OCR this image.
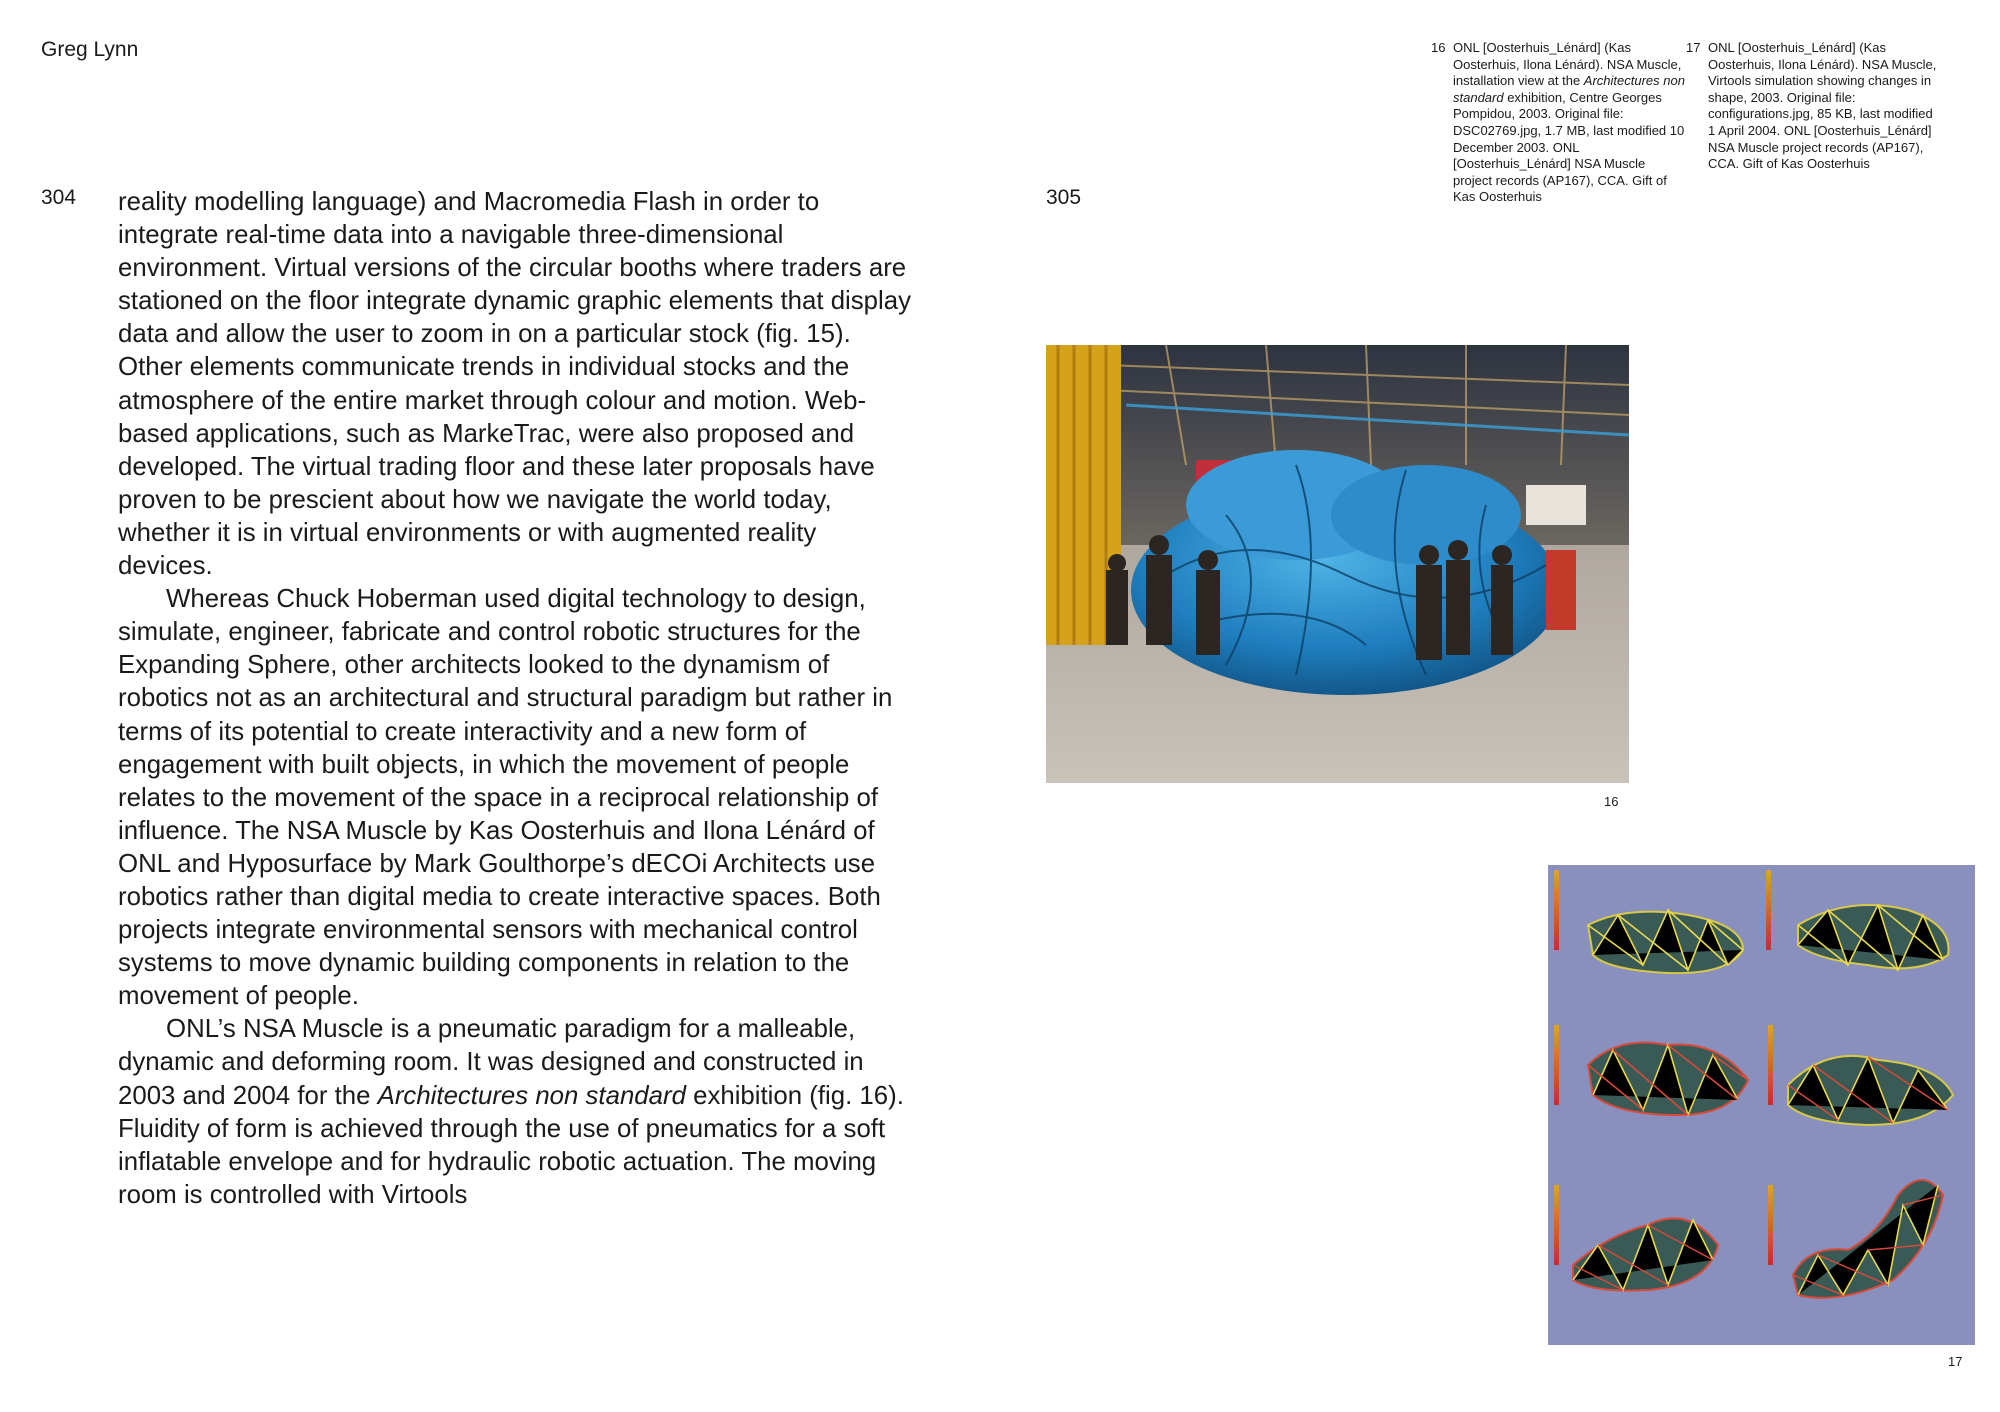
Greg Lynn
304	305

reality modelling language) and Macromedia Flash in order to integrate real-time data into a navigable three-dimensional environment. Virtual versions of the circular booths where traders are stationed on the floor integrate dynamic graphic elements that display data and allow the user to zoom in on a particular stock (fig. 15). Other elements communicate trends in individual stocks and the atmosphere of the entire market through colour and motion. Web-based applications, such as MarkeTrac, were also proposed and developed. The virtual trading floor and these later proposals have proven to be prescient about how we navigate the world today, whether it is in virtual environments or with augmented reality devices.

Whereas Chuck Hoberman used digital technology to design, simulate, engineer, fabricate and control robotic structures for the Expanding Sphere, other architects looked to the dynamism of robotics not as an architectural and structural paradigm but rather in terms of its potential to create interactivity and a new form of engagement with built objects, in which the movement of people relates to the movement of the space in a reciprocal relationship of influence. The NSA Muscle by Kas Oosterhuis and Ilona Lénárd of ONL and Hyposurface by Mark Goulthorpe’s dECOi Architects use robotics rather than digital media to create interactive spaces. Both projects integrate environmental sensors with mechanical control systems to move dynamic building components in relation to the movement of people.

ONL’s NSA Muscle is a pneumatic paradigm for a malleable, dynamic and deforming room. It was designed and constructed in 2003 and 2004 for the Architectures non standard exhibition (fig. 16). Fluidity of form is achieved through the use of pneumatics for a soft inflatable envelope and for hydraulic robotic actuation. The moving room is controlled with Virtools

16 ONL [Oosterhuis_Lénárd] (Kas Oosterhuis, Ilona Lénárd). NSA Muscle, installation view at the Architectures non standard exhibition, Centre Georges Pompidou, 2003. Original file: DSC02769.jpg, 1.7 MB, last modified 10 December 2003. ONL [Oosterhuis_Lénárd] NSA Muscle project records (AP167), CCA. Gift of Kas Oosterhuis
17 ONL [Oosterhuis_Lénárd] (Kas Oosterhuis, Ilona Lénárd). NSA Muscle, Virtools simulation showing changes in shape, 2003. Original file: configurations.jpg, 85 KB, last modified 1 April 2004. ONL [Oosterhuis_Lénárd] NSA Muscle project records (AP167), CCA. Gift of Kas Oosterhuis
16
17
